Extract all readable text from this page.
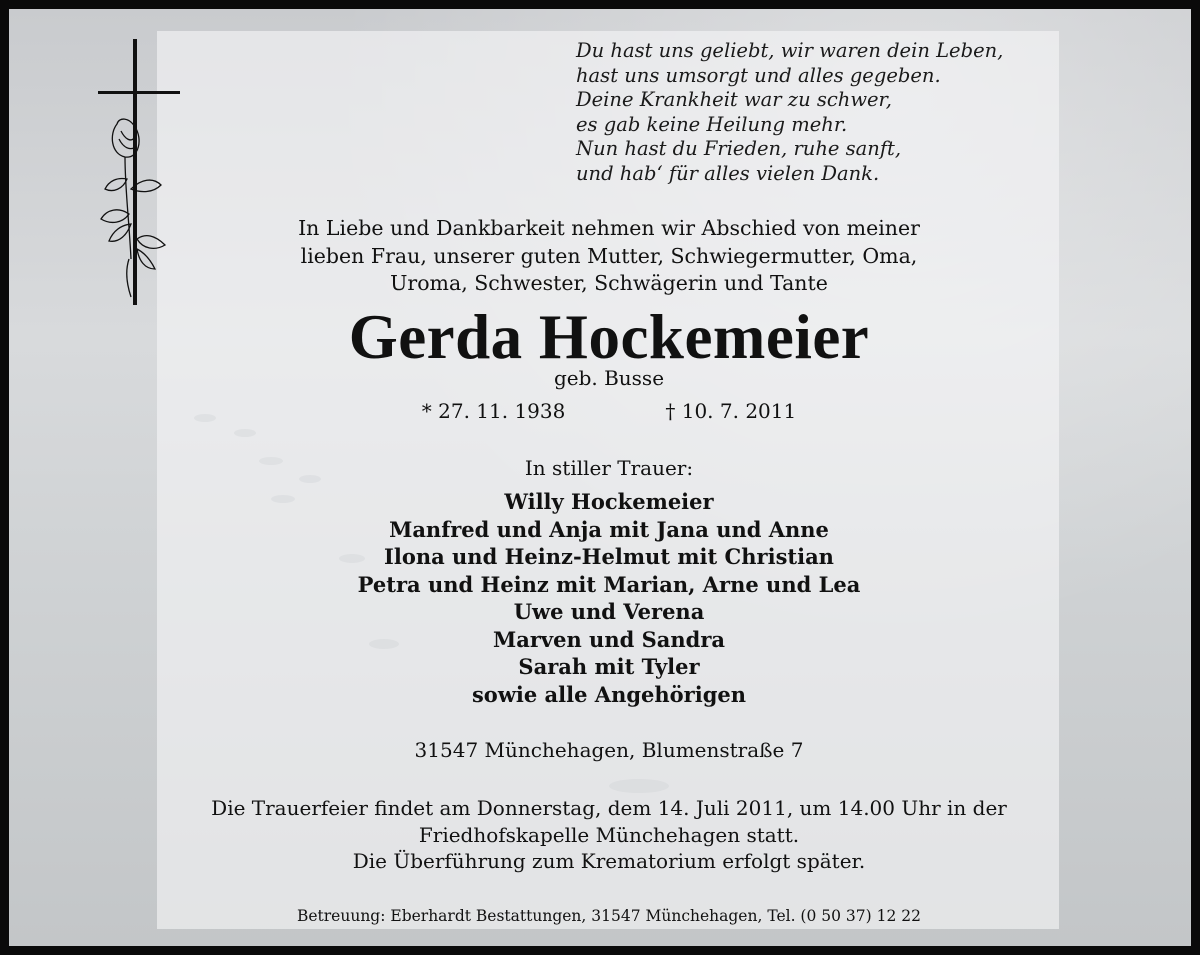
Du hast uns geliebt, wir waren dein Leben,
hast uns umsorgt und alles gegeben.
Deine Krankheit war zu schwer,
es gab keine Heilung mehr.
Nun hast du Frieden, ruhe sanft,
und hab‘ für alles vielen Dank.
In Liebe und Dankbarkeit nehmen wir Abschied von meiner
lieben Frau, unserer guten Mutter, Schwiegermutter, Oma,
Uroma, Schwester, Schwägerin und Tante
Gerda Hockemeier
geb. Busse
* 27. 11. 1938	† 10. 7. 2011
In stiller Trauer:
Willy Hockemeier
Manfred und Anja mit Jana und Anne
Ilona und Heinz-Helmut mit Christian
Petra und Heinz mit Marian, Arne und Lea
Uwe und Verena
Marven und Sandra
Sarah mit Tyler
sowie alle Angehörigen
31547 Münchehagen, Blumenstraße 7
Die Trauerfeier findet am Donnerstag, dem 14. Juli 2011, um 14.00 Uhr in der
Friedhofskapelle Münchehagen statt.
Die Überführung zum Krematorium erfolgt später.
Betreuung: Eberhardt Bestattungen, 31547 Münchehagen, Tel. (0 50 37) 12 22
